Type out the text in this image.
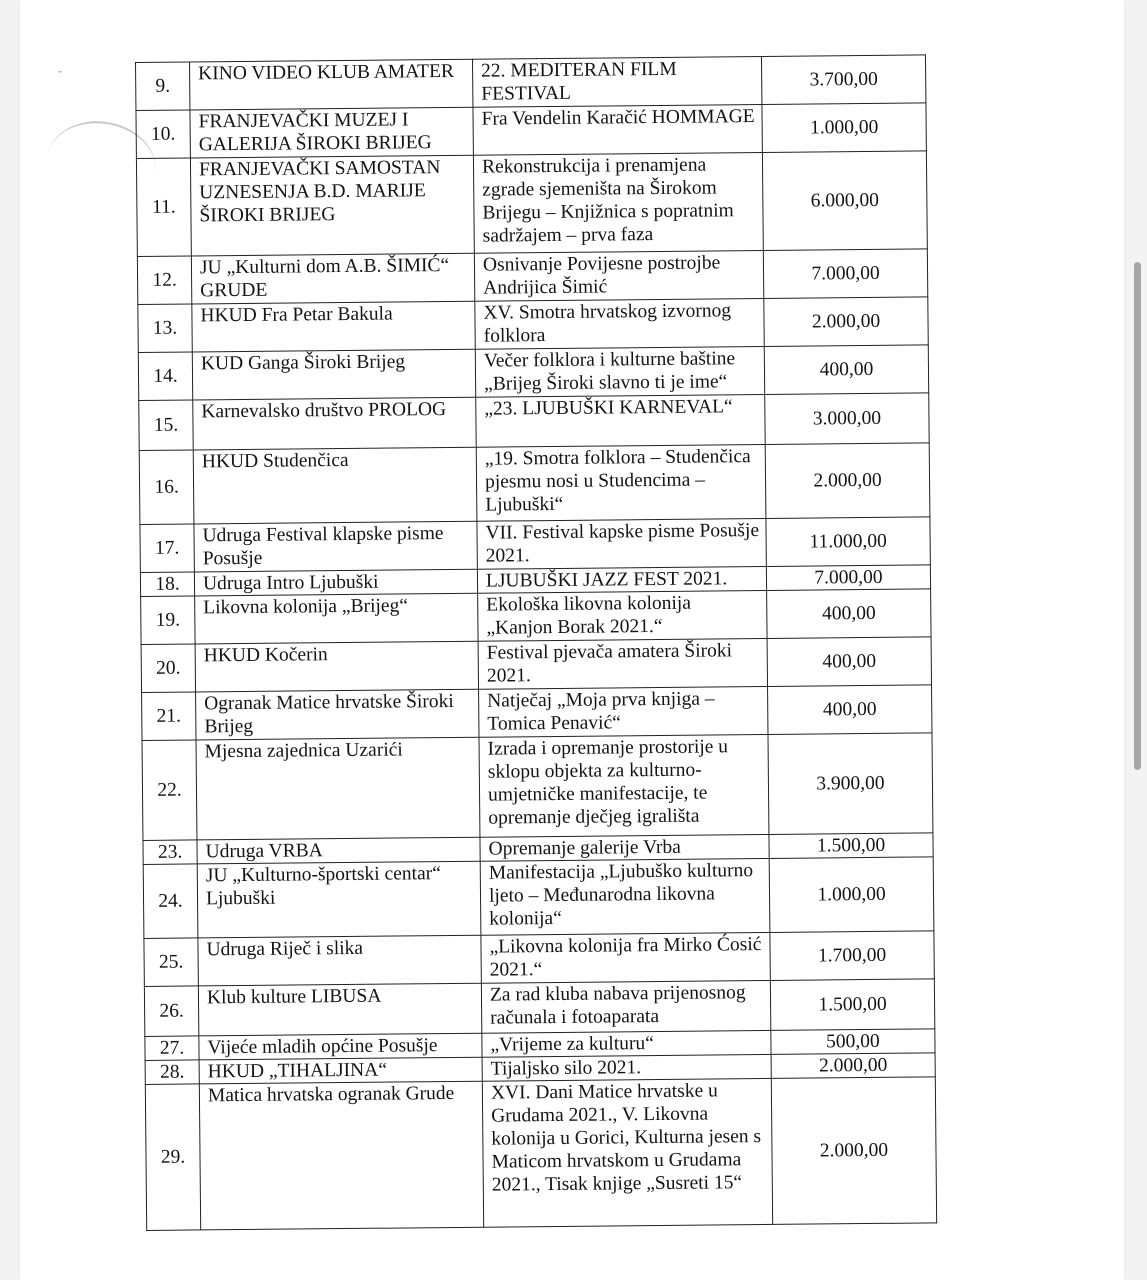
ˇ
9.	KINO VIDEO KLUB AMATER	22. MEDITERAN FILM FESTIVAL	3.700,00
10.	FRANJEVAČKI MUZEJ I GALERIJA ŠIROKI BRIJEG	Fra Vendelin Karačić HOMMAGE	1.000,00
11.	FRANJEVAČKI SAMOSTAN UZNESENJA B.D. MARIJE ŠIROKI BRIJEG	Rekonstrukcija i prenamjena zgrade sjemeništa na Širokom Brijegu – Knjižnica s popratnim sadržajem – prva faza	6.000,00
12.	JU „Kulturni dom A.B. ŠIMIĆ“ GRUDE	Osnivanje Povijesne postrojbe Andrijica Šimić	7.000,00
13.	HKUD Fra Petar Bakula	XV. Smotra hrvatskog izvornog folklora	2.000,00
14.	KUD Ganga Široki Brijeg	Večer folklora i kulturne baštine „Brijeg Široki slavno ti je ime“	400,00
15.	Karnevalsko društvo PROLOG	„23. LJUBUŠKI KARNEVAL“	3.000,00
16.	HKUD Studenčica	„19. Smotra folklora – Studenčica pjesmu nosi u Studencima – Ljubuški“	2.000,00
17.	Udruga Festival klapske pisme Posušje	VII. Festival kapske pisme Posušje 2021.	11.000,00
18.	Udruga Intro Ljubuški	LJUBUŠKI JAZZ FEST 2021.	7.000,00
19.	Likovna kolonija „Brijeg“	Ekološka likovna kolonija „Kanjon Borak 2021.“	400,00
20.	HKUD Kočerin	Festival pjevača amatera Široki 2021.	400,00
21.	Ogranak Matice hrvatske Široki Brijeg	Natječaj „Moja prva knjiga – Tomica Penavić“	400,00
22.	Mjesna zajednica Uzarići	Izrada i opremanje prostorije u sklopu objekta za kulturno-umjetničke manifestacije, te opremanje dječjeg igrališta	3.900,00
23.	Udruga VRBA	Opremanje galerije Vrba	1.500,00
24.	JU „Kulturno-športski centar“ Ljubuški	Manifestacija „Ljubuško kulturno ljeto – Međunarodna likovna kolonija“	1.000,00
25.	Udruga Riječ i slika	„Likovna kolonija fra Mirko Ćosić 2021.“	1.700,00
26.	Klub kulture LIBUSA	Za rad kluba nabava prijenosnog računala i fotoaparata	1.500,00
27.	Vijeće mladih općine Posušje	„Vrijeme za kulturu“	500,00
28.	HKUD „TIHALJINA“	Tijaljsko silo 2021.	2.000,00
29.	Matica hrvatska ogranak Grude	XVI. Dani Matice hrvatske u Grudama 2021., V. Likovna kolonija u Gorici, Kulturna jesen s Maticom hrvatskom u Grudama 2021., Tisak knjige „Susreti 15“	2.000,00
